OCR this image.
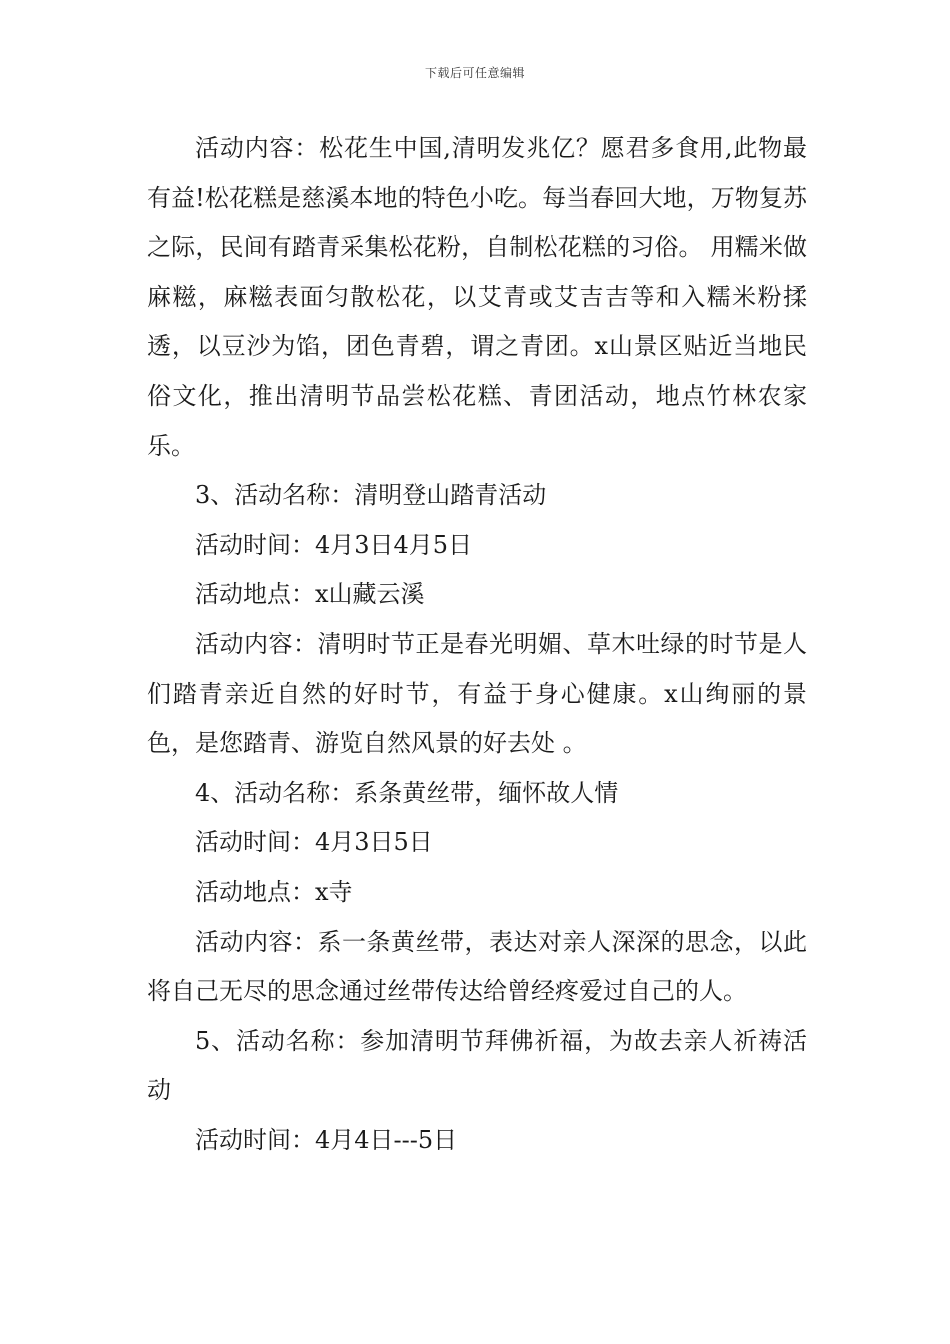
下载后可任意编辑

活动内容：松花生中国,清明发兆亿？愿君多食用,此物最有益!松花糕是慈溪本地的特色小吃。每当春回大地，万物复苏之际，民间有踏青采集松花粉，自制松花糕的习俗。 用糯米做麻糍，麻糍表面匀散松花，以艾青或艾吉吉等和入糯米粉揉透，以豆沙为馅，团色青碧，谓之青团。x山景区贴近当地民俗文化，推出清明节品尝松花糕、青团活动，地点竹林农家乐。

3、活动名称：清明登山踏青活动

活动时间：4月3日4月5日

活动地点：x山藏云溪

活动内容：清明时节正是春光明媚、草木吐绿的时节是人们踏青亲近自然的好时节，有益于身心健康。x山绚丽的景色，是您踏青、游览自然风景的好去处 。

4、活动名称：系条黄丝带，缅怀故人情

活动时间：4月3日5日

活动地点：x寺

活动内容：系一条黄丝带，表达对亲人深深的思念，以此将自己无尽的思念通过丝带传达给曾经疼爱过自己的人。

5、活动名称：参加清明节拜佛祈福，为故去亲人祈祷活动

活动时间：4月4日---5日
